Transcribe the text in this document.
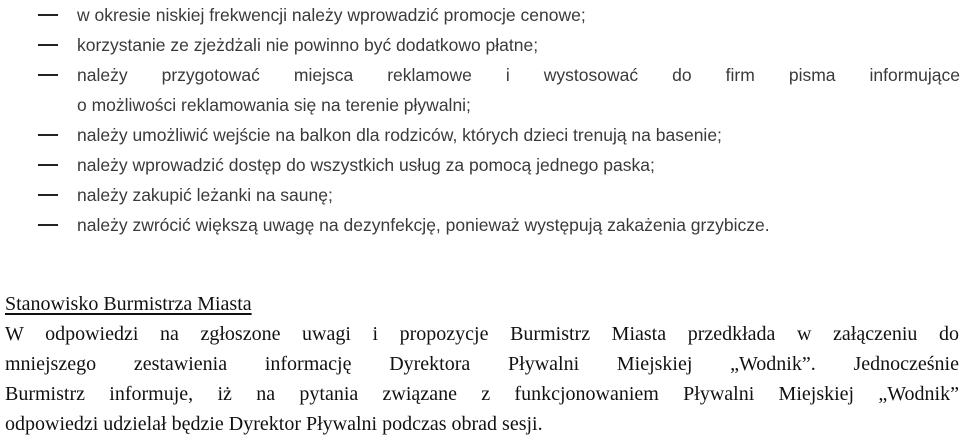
w okresie niskiej frekwencji należy wprowadzić promocje cenowe;
korzystanie ze zjeżdżali nie powinno być dodatkowo płatne;
należy przygotować miejsca reklamowe i wystosować do firm pisma informujące
o możliwości reklamowania się na terenie pływalni;
należy umożliwić wejście na balkon dla rodziców, których dzieci trenują na basenie;
należy wprowadzić dostęp do wszystkich usług za pomocą jednego paska;
należy zakupić leżanki na saunę;
należy zwrócić większą uwagę na dezynfekcję, ponieważ występują zakażenia grzybicze.
Stanowisko Burmistrza Miasta
W odpowiedzi na zgłoszone uwagi i propozycje Burmistrz Miasta przedkłada w załączeniu do
mniejszego zestawienia informację Dyrektora Pływalni Miejskiej „Wodnik”. Jednocześnie
Burmistrz informuje, iż na pytania związane z funkcjonowaniem Pływalni Miejskiej „Wodnik”
odpowiedzi udzielał będzie Dyrektor Pływalni podczas obrad sesji.
